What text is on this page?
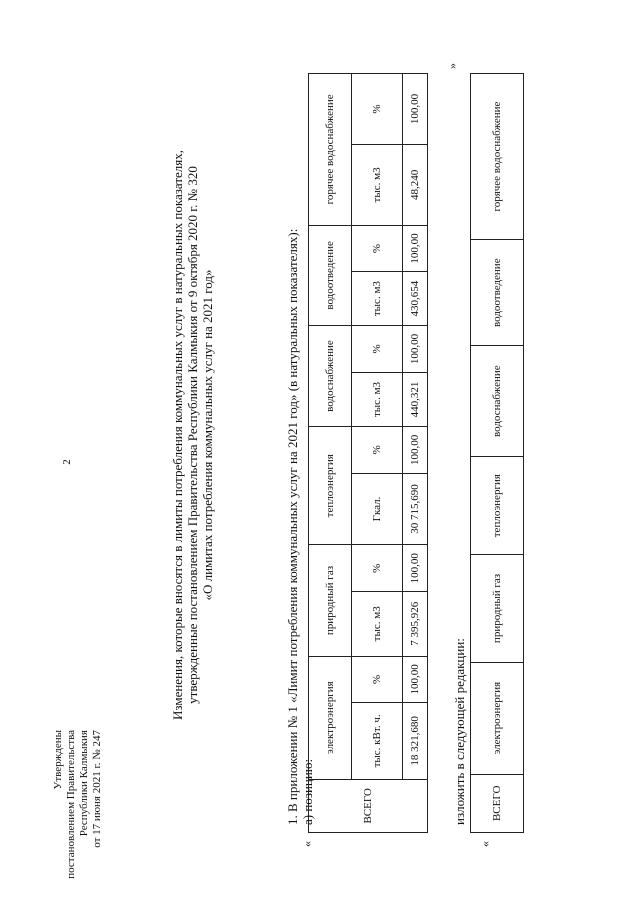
2
Утверждены постановлением Правительства Республики Калмыкия от 17 июня 2021 г. № 247
Изменения, которые вносятся в лимиты потребления коммунальных услуг в натуральных показателях, утвержденные постановлением Правительства Республики Калмыкия от 9 октября 2020 г. № 320 «О лимитах потребления коммунальных услуг на 2021 год»	1. В приложении № 1 «Лимит потребления коммунальных услуг на 2021 год» (в натуральных показателях): а) позицию:
«
»
ВСЕГО	электроэнергия		природный газ		теплоэнергия		водоснабжение		водоотведение		горячее водоснабжение	
	тыс. кВт. ч.	%	тыс. м3	%	Гкал.	%	тыс. м3	%	тыс. м3	%	тыс. м3	%
	18 321,680	100,00	7 395,926	100,00	30 715,690	100,00	440,321	100,00	430,654	100,00	48,240	100,00
изложить в следующей редакции:
«
ВСЕГО	электроэнергия	природный газ	теплоэнергия	водоснабжение	водоотведение	горячее водоснабжение
